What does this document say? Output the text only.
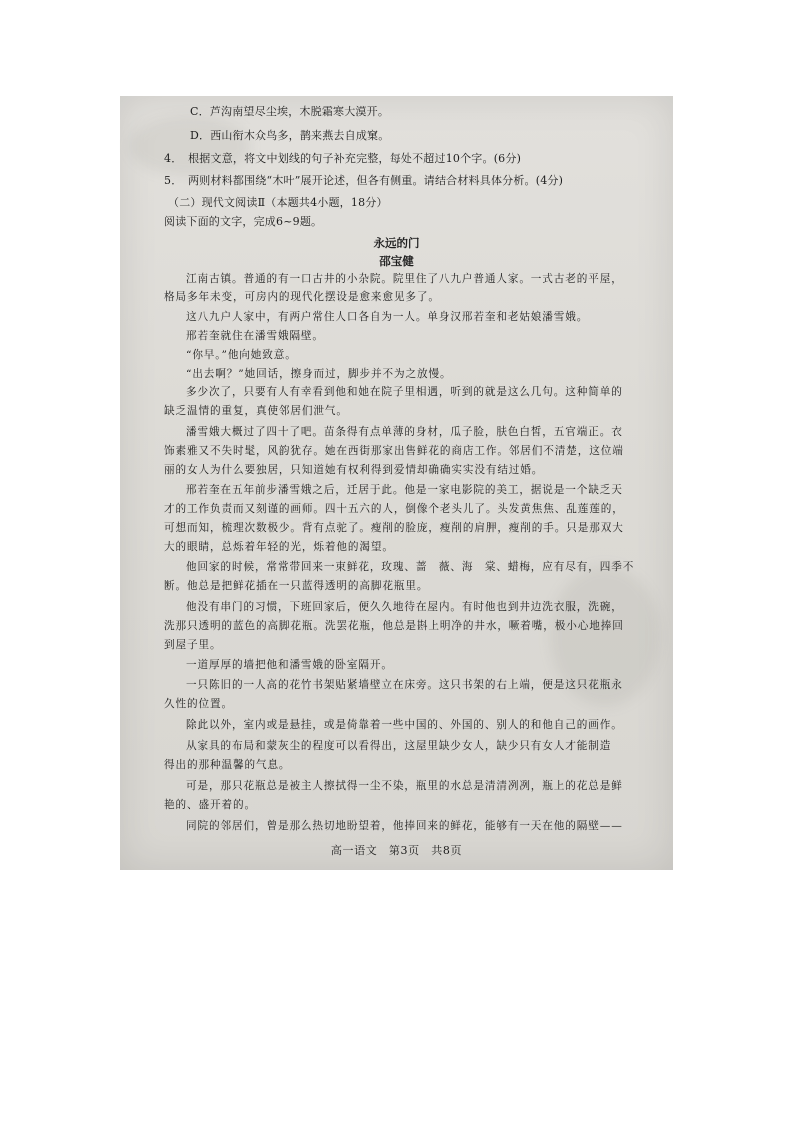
C．芦沟南望尽尘埃，木脱霜寒大漠开。
D．西山衔木众鸟多，鹊来燕去自成窠。
4．　根据文意，将文中划线的句子补充完整，每处不超过10个字。(6分)
5．　两则材料都围绕“木叶”展开论述，但各有侧重。请结合材料具体分析。(4分)
（二）现代文阅读Ⅱ（本题共4小题，18分）
阅读下面的文字，完成6~9题。
永远的门
邵宝健
江南古镇。普通的有一口古井的小杂院。院里住了八九户普通人家。一式古老的平屋，
格局多年未变，可房内的现代化摆设是愈来愈见多了。
这八九户人家中，有两户常住人口各自为一人。单身汉邢若奎和老姑娘潘雪娥。
邢若奎就住在潘雪娥隔壁。
“你早。”他向她致意。
“出去啊？”她回话，擦身而过，脚步并不为之放慢。
多少次了，只要有人有幸看到他和她在院子里相遇，听到的就是这么几句。这种简单的
缺乏温情的重复，真使邻居们泄气。
潘雪娥大概过了四十了吧。苗条得有点单薄的身材，瓜子脸，肤色白皙，五官端正。衣
饰素雅又不失时髦，风韵犹存。她在西街那家出售鲜花的商店工作。邻居们不清楚，这位端
丽的女人为什么要独居，只知道她有权利得到爱情却确确实实没有结过婚。
邢若奎在五年前步潘雪娥之后，迁居于此。他是一家电影院的美工，据说是一个缺乏天
才的工作负责而又刻谨的画师。四十五六的人，倒像个老头儿了。头发黄焦焦、乱莲莲的，
可想而知，梳理次数极少。背有点驼了。瘦削的脸庞，瘦削的肩胛，瘦削的手。只是那双大
大的眼睛，总烁着年轻的光，烁着他的渴望。
他回家的时候，常常带回来一束鲜花，玫瑰、蔷　薇、海　棠、蜡梅，应有尽有，四季不
断。他总是把鲜花插在一只蓝得透明的高脚花瓶里。
他没有串门的习惯，下班回家后，便久久地待在屋内。有时他也到井边洗衣服，洗碗，
洗那只透明的蓝色的高脚花瓶。洗罢花瓶，他总是斟上明净的井水，噘着嘴，极小心地捧回
到屋子里。
一道厚厚的墙把他和潘雪娥的卧室隔开。
一只陈旧的一人高的花竹书架贴紧墙壁立在床旁。这只书架的右上端，便是这只花瓶永
久性的位置。
除此以外，室内或是悬挂，或是倚靠着一些中国的、外国的、别人的和他自己的画作。
从家具的布局和蒙灰尘的程度可以看得出，这屋里缺少女人，缺少只有女人才能制造
得出的那种温馨的气息。
可是，那只花瓶总是被主人擦拭得一尘不染，瓶里的水总是清清冽冽，瓶上的花总是鲜
艳的、盛开着的。
同院的邻居们，曾是那么热切地盼望着，他捧回来的鲜花，能够有一天在他的隔壁——
高一语文　第3页　共8页
